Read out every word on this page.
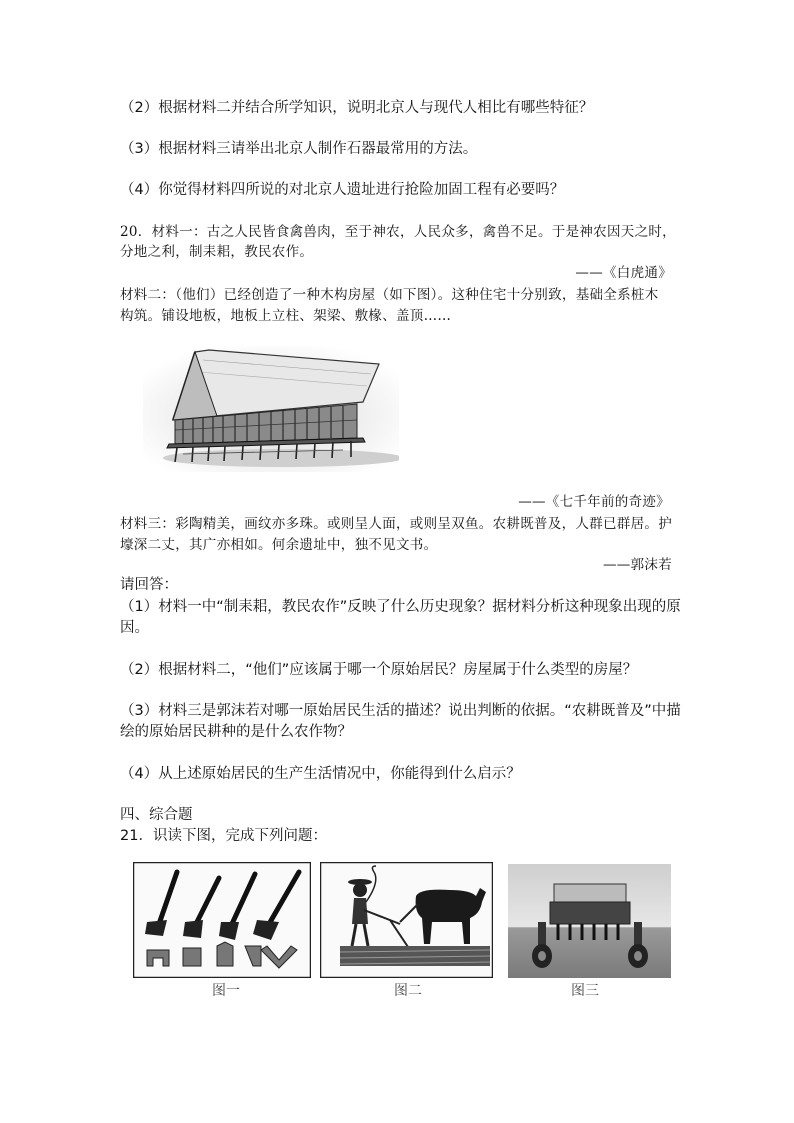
（2）根据材料二并结合所学知识，说明北京人与现代人相比有哪些特征？
（3）根据材料三请举出北京人制作石器最常用的方法。
（4）你觉得材料四所说的对北京人遗址进行抢险加固工程有必要吗？
20．材料一：古之人民皆食禽兽肉，至于神农，人民众多，禽兽不足。于是神农因天之时，
分地之利，制耒耜，教民农作。
——《白虎通》
材料二：（他们）已经创造了一种木构房屋（如下图）。这种住宅十分别致，基础全系桩木
构筑。铺设地板，地板上立柱、架梁、敷椽、盖顶……
——《七千年前的奇迹》
材料三：彩陶精美，画纹亦多珠。或则呈人面，或则呈双鱼。农耕既普及，人群已群居。护
壕深二丈，其广亦相如。何余遗址中，独不见文书。
——郭沫若
请回答：
（1）材料一中“制耒耜，教民农作”反映了什么历史现象？据材料分析这种现象出现的原
因。
（2）根据材料二，“他们”应该属于哪一个原始居民？房屋属于什么类型的房屋？
（3）材料三是郭沫若对哪一原始居民生活的描述？说出判断的依据。“农耕既普及”中描
绘的原始居民耕种的是什么农作物？
（4）从上述原始居民的生产生活情况中，你能得到什么启示？
四、综合题
21．识读下图，完成下列问题：
图一	图二	图三
